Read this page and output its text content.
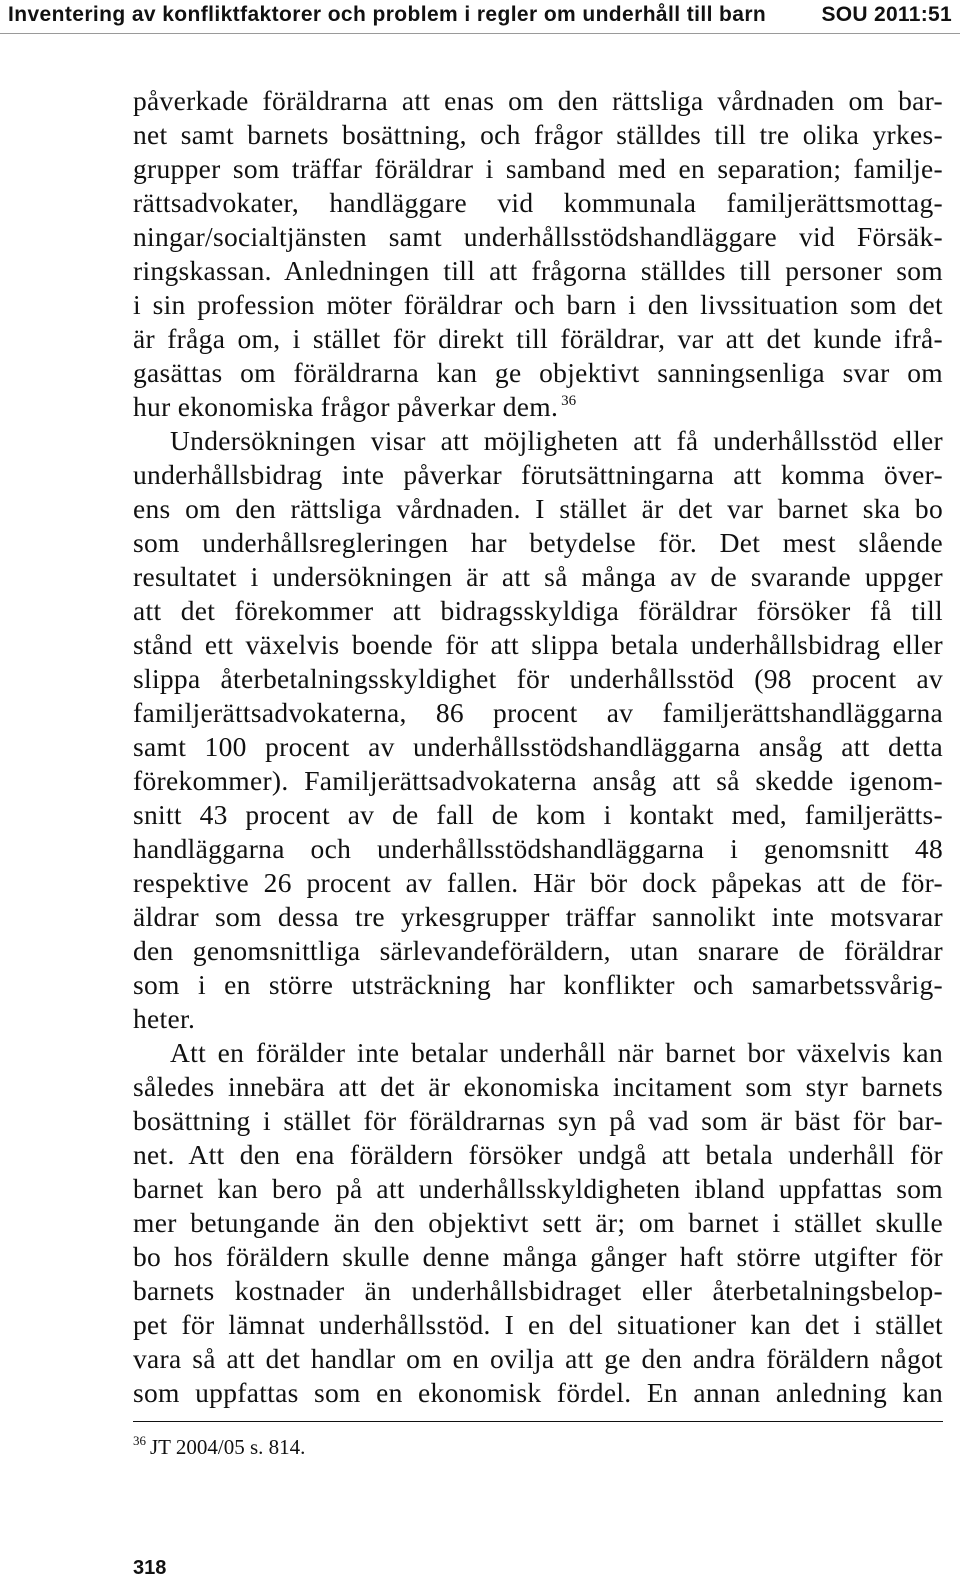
Inventering av konfliktfaktorer och problem i regler om underhåll till barn	SOU 2011:51
påverkade föräldrarna att enas om den rättsliga vårdnaden om bar-
net samt barnets bosättning, och frågor ställdes till tre olika yrkes-
grupper som träffar föräldrar i samband med en separation; familje-
rättsadvokater, handläggare vid kommunala familjerättsmottag-
ningar/socialtjänsten samt underhållsstödshandläggare vid Försäk-
ringskassan. Anledningen till att frågorna ställdes till personer som
i sin profession möter föräldrar och barn i den livssituation som det
är fråga om, i stället för direkt till föräldrar, var att det kunde ifrå-
gasättas om föräldrarna kan ge objektivt sanningsenliga svar om
hur ekonomiska frågor påverkar dem. $^{36}$
Undersökningen visar att möjligheten att få underhållsstöd eller
underhållsbidrag inte påverkar förutsättningarna att komma över-
ens om den rättsliga vårdnaden. I stället är det var barnet ska bo
som underhållsregleringen har betydelse för. Det mest slående
resultatet i undersökningen är att så många av de svarande uppger
att det förekommer att bidragsskyldiga föräldrar försöker få till
stånd ett växelvis boende för att slippa betala underhållsbidrag eller
slippa återbetalningsskyldighet för underhållsstöd (98 procent av
familjerättsadvokaterna, 86 procent av familjerättshandläggarna
samt 100 procent av underhållsstödshandläggarna ansåg att detta
förekommer). Familjerättsadvokaterna ansåg att så skedde igenom-
snitt 43 procent av de fall de kom i kontakt med, familjerätts-
handläggarna och underhållsstödshandläggarna i genomsnitt 48
respektive 26 procent av fallen. Här bör dock påpekas att de för-
äldrar som dessa tre yrkesgrupper träffar sannolikt inte motsvarar
den genomsnittliga särlevandeföräldern, utan snarare de föräldrar
som i en större utsträckning har konflikter och samarbetssvårig-
heter.
Att en förälder inte betalar underhåll när barnet bor växelvis kan
således innebära att det är ekonomiska incitament som styr barnets
bosättning i stället för föräldrarnas syn på vad som är bäst för bar-
net. Att den ena föräldern försöker undgå att betala underhåll för
barnet kan bero på att underhållsskyldigheten ibland uppfattas som
mer betungande än den objektivt sett är; om barnet i stället skulle
bo hos föräldern skulle denne många gånger haft större utgifter för
barnets kostnader än underhållsbidraget eller återbetalningsbelop-
pet för lämnat underhållsstöd. I en del situationer kan det i stället
vara så att det handlar om en ovilja att ge den andra föräldern något
som uppfattas som en ekonomisk fördel. En annan anledning kan
$^{36}$ JT 2004/05 s. 814.
318
